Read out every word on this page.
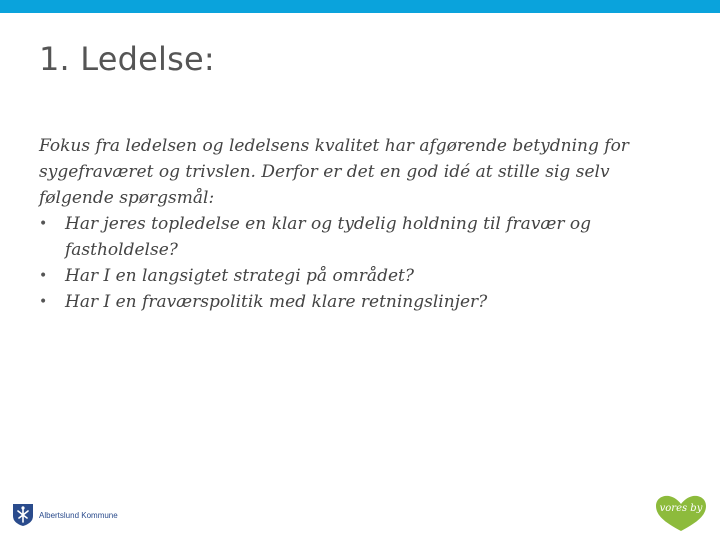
1. Ledelse:

Fokus fra ledelsen og ledelsens kvalitet har afgørende betydning for sygefraværet og trivslen. Derfor er det en god idé at stille sig selv følgende spørgsmål:

• Har jeres topledelse en klar og tydelig holdning til fravær og fastholdelse?
• Har I en langsigtet strategi på området?
• Har I en fraværspolitik med klare retningslinjer?
Albertslund Kommune
vores by
